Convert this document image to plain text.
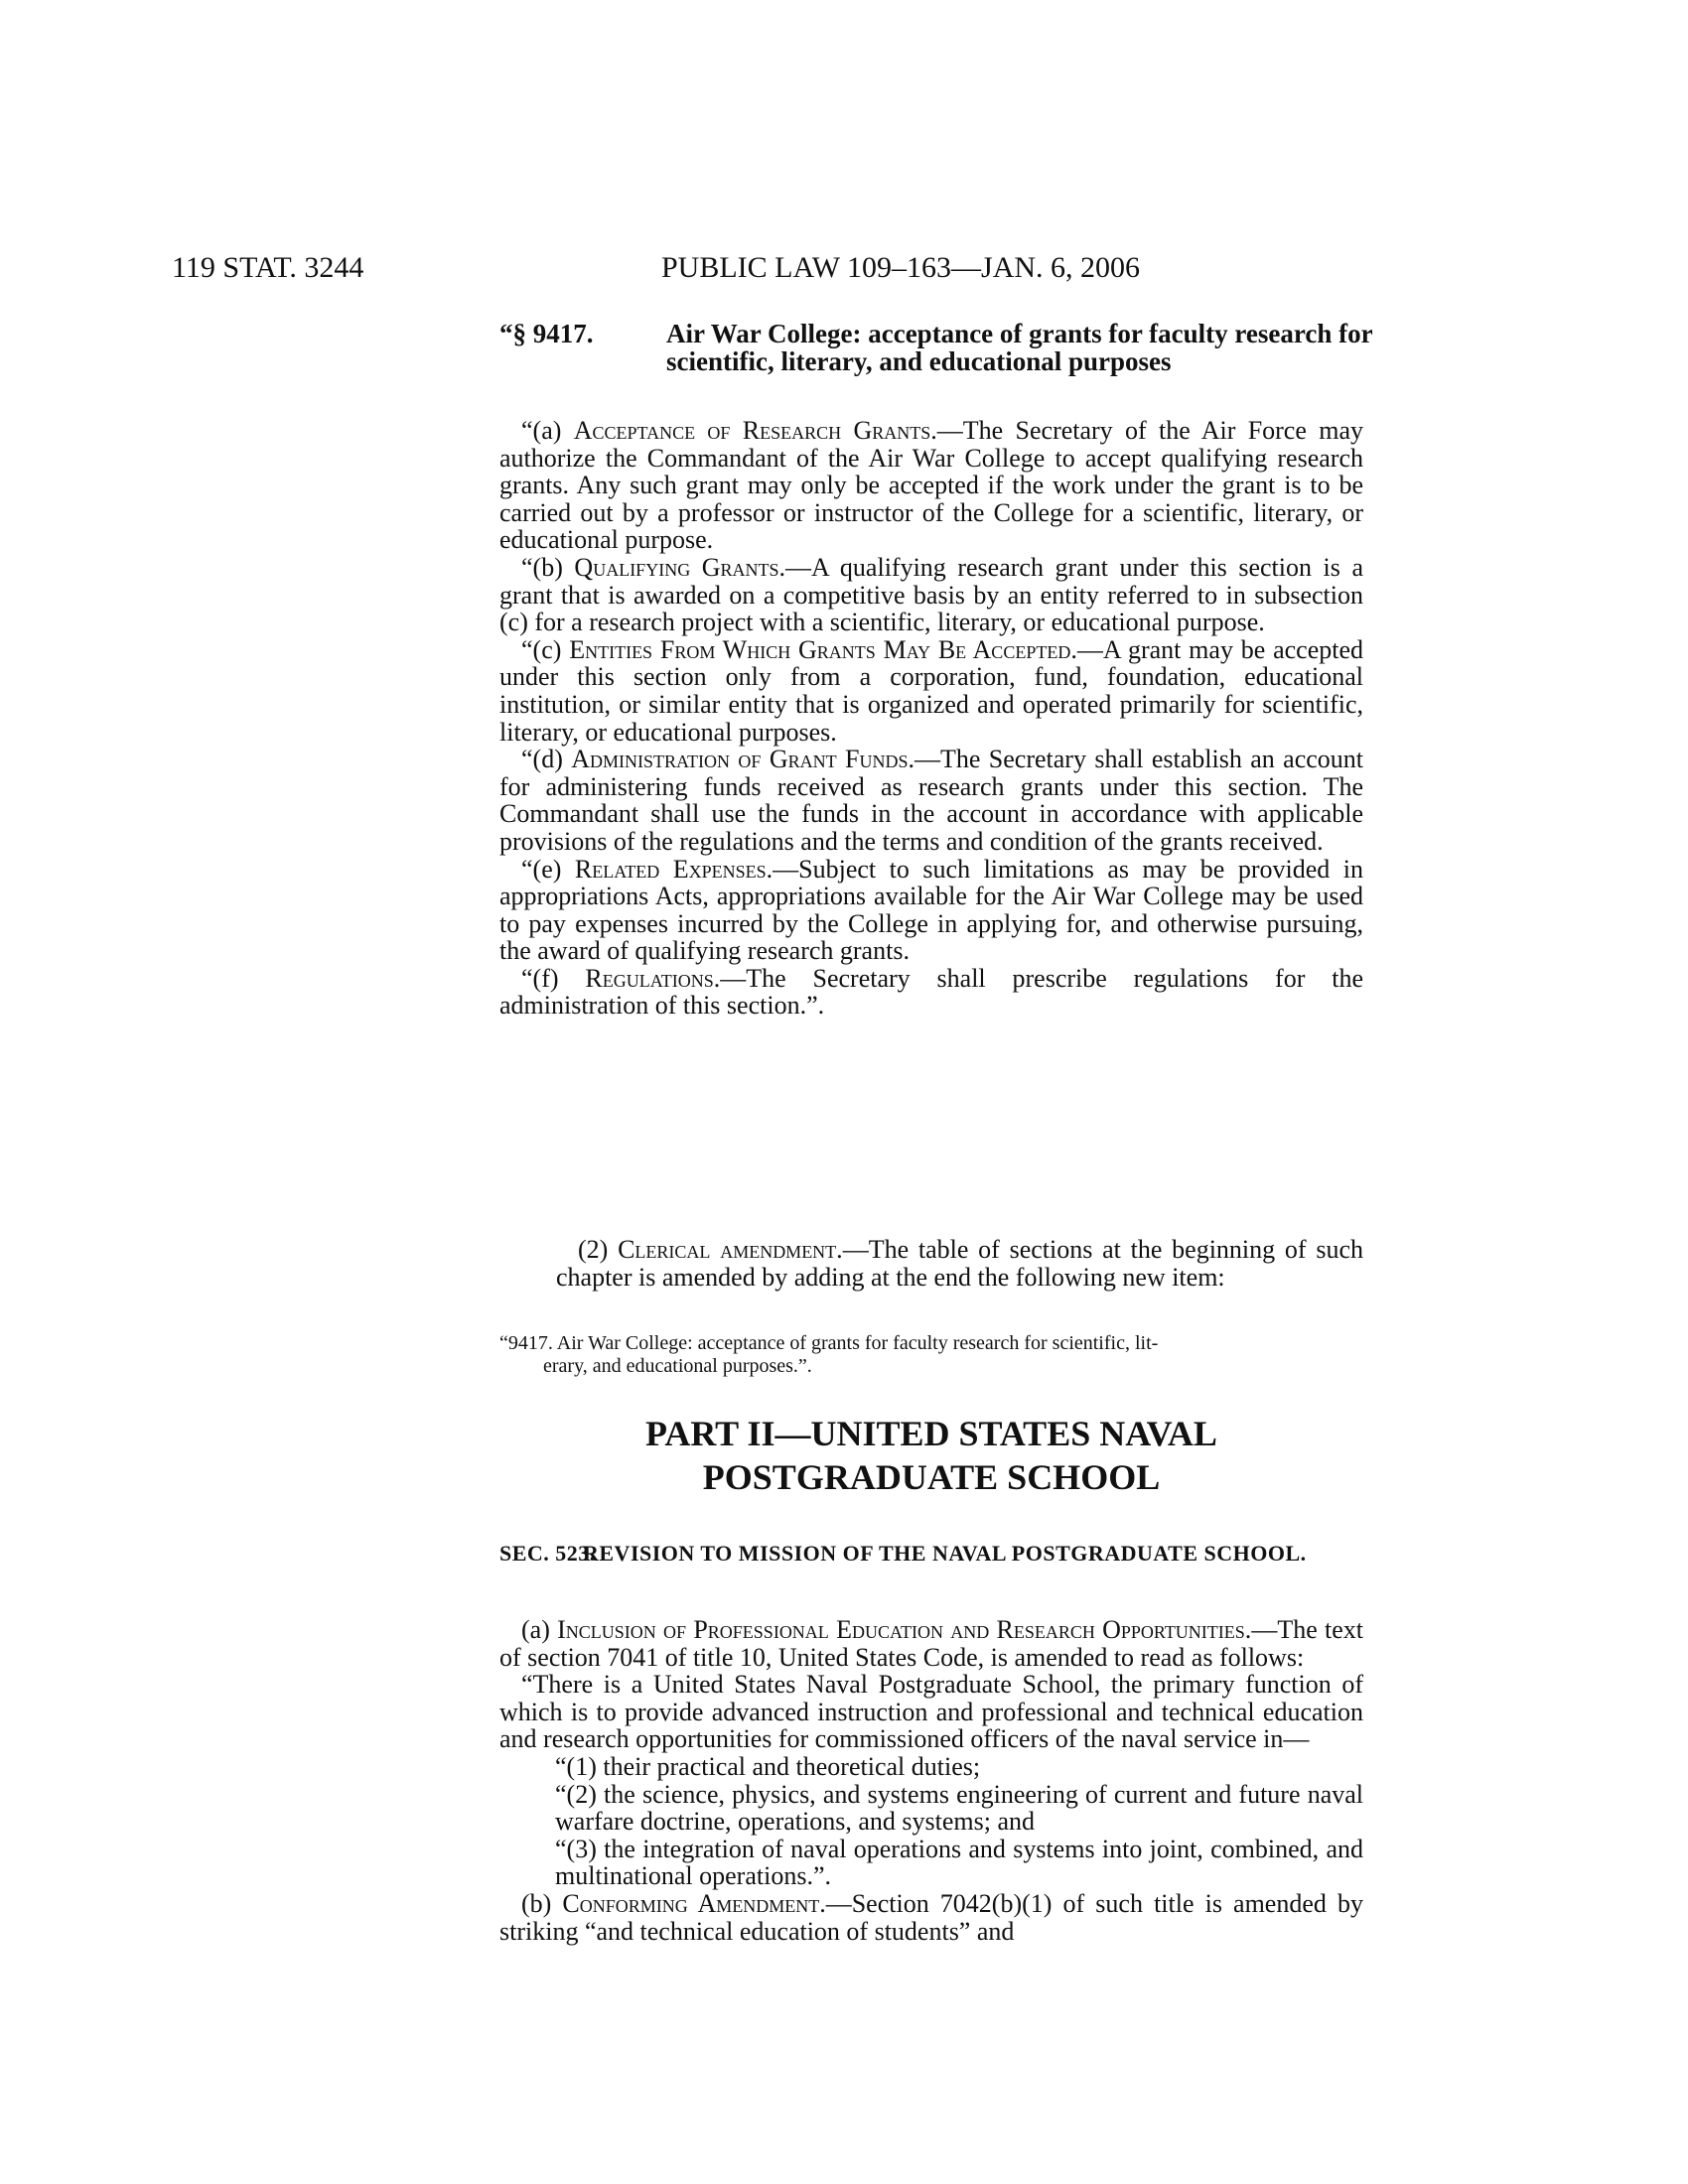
119 STAT. 3244	PUBLIC LAW 109–163—JAN. 6, 2006
“§ 9417.	Air War College: acceptance of grants for faculty research for scientific, literary, and educational purposes

“(a) Acceptance of Research Grants.—The Secretary of the Air Force may authorize the Commandant of the Air War College to accept qualifying research grants. Any such grant may only be accepted if the work under the grant is to be carried out by a professor or instructor of the College for a scientific, literary, or educational purpose.

“(b) Qualifying Grants.—A qualifying research grant under this section is a grant that is awarded on a competitive basis by an entity referred to in subsection (c) for a research project with a scientific, literary, or educational purpose.

“(c) Entities From Which Grants May Be Accepted.—A grant may be accepted under this section only from a corporation, fund, foundation, educational institution, or similar entity that is organized and operated primarily for scientific, literary, or educational purposes.

“(d) Administration of Grant Funds.—The Secretary shall establish an account for administering funds received as research grants under this section. The Commandant shall use the funds in the account in accordance with applicable provisions of the regulations and the terms and condition of the grants received.

“(e) Related Expenses.—Subject to such limitations as may be provided in appropriations Acts, appropriations available for the Air War College may be used to pay expenses incurred by the College in applying for, and otherwise pursuing, the award of qualifying research grants.

“(f) Regulations.—The Secretary shall prescribe regulations for the administration of this section.”.

(2) Clerical amendment.—The table of sections at the beginning of such chapter is amended by adding at the end the following new item:

“9417. Air War College: acceptance of grants for faculty research for scientific, lit-
erary, and educational purposes.”.
PART II—UNITED STATES NAVAL
POSTGRADUATE SCHOOL
SEC. 523.
REVISION TO MISSION OF THE NAVAL POSTGRADUATE SCHOOL.

(a) Inclusion of Professional Education and Research Opportunities.—The text of section 7041 of title 10, United States Code, is amended to read as follows:

“There is a United States Naval Postgraduate School, the primary function of which is to provide advanced instruction and professional and technical education and research opportunities for commissioned officers of the naval service in—

“(1) their practical and theoretical duties;

“(2) the science, physics, and systems engineering of current and future naval warfare doctrine, operations, and systems; and

“(3) the integration of naval operations and systems into joint, combined, and multinational operations.”.

(b) Conforming Amendment.—Section 7042(b)(1) of such title is amended by striking “and technical education of students” and
